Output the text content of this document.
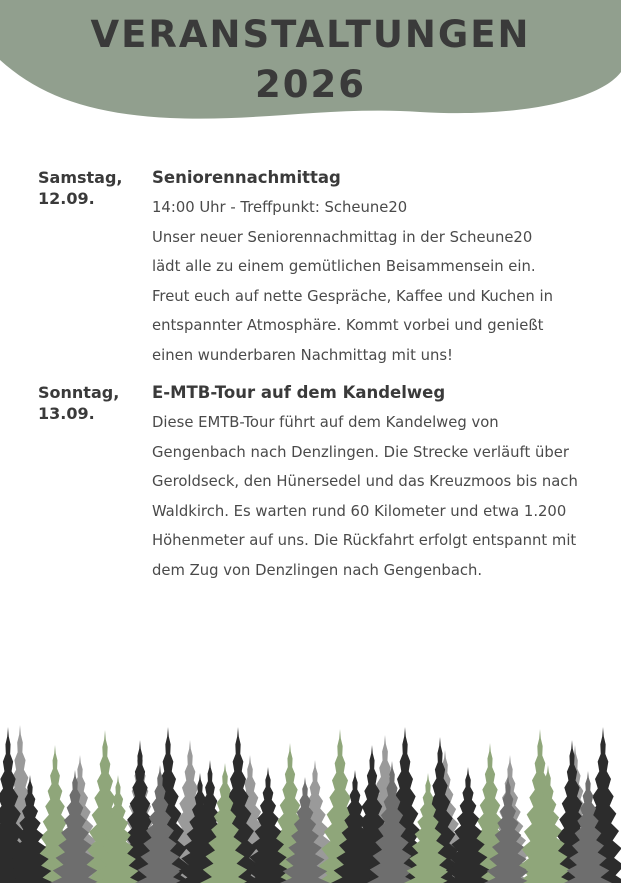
VERANSTALTUNGEN
2026
Samstag,
12.09.
Seniorennachmittag
14:00 Uhr - Treffpunkt: Scheune20
Unser neuer Seniorennachmittag in der Scheune20
lädt alle zu einem gemütlichen Beisammensein ein.
Freut euch auf nette Gespräche, Kaffee und Kuchen in
entspannter Atmosphäre. Kommt vorbei und genießt
einen wunderbaren Nachmittag mit uns!
Sonntag,
13.09.
E-MTB-Tour auf dem Kandelweg
Diese EMTB-Tour führt auf dem Kandelweg von
Gengenbach nach Denzlingen. Die Strecke verläuft über
Geroldseck, den Hünersedel und das Kreuzmoos bis nach
Waldkirch. Es warten rund 60 Kilometer und etwa 1.200
Höhenmeter auf uns. Die Rückfahrt erfolgt entspannt mit
dem Zug von Denzlingen nach Gengenbach.
